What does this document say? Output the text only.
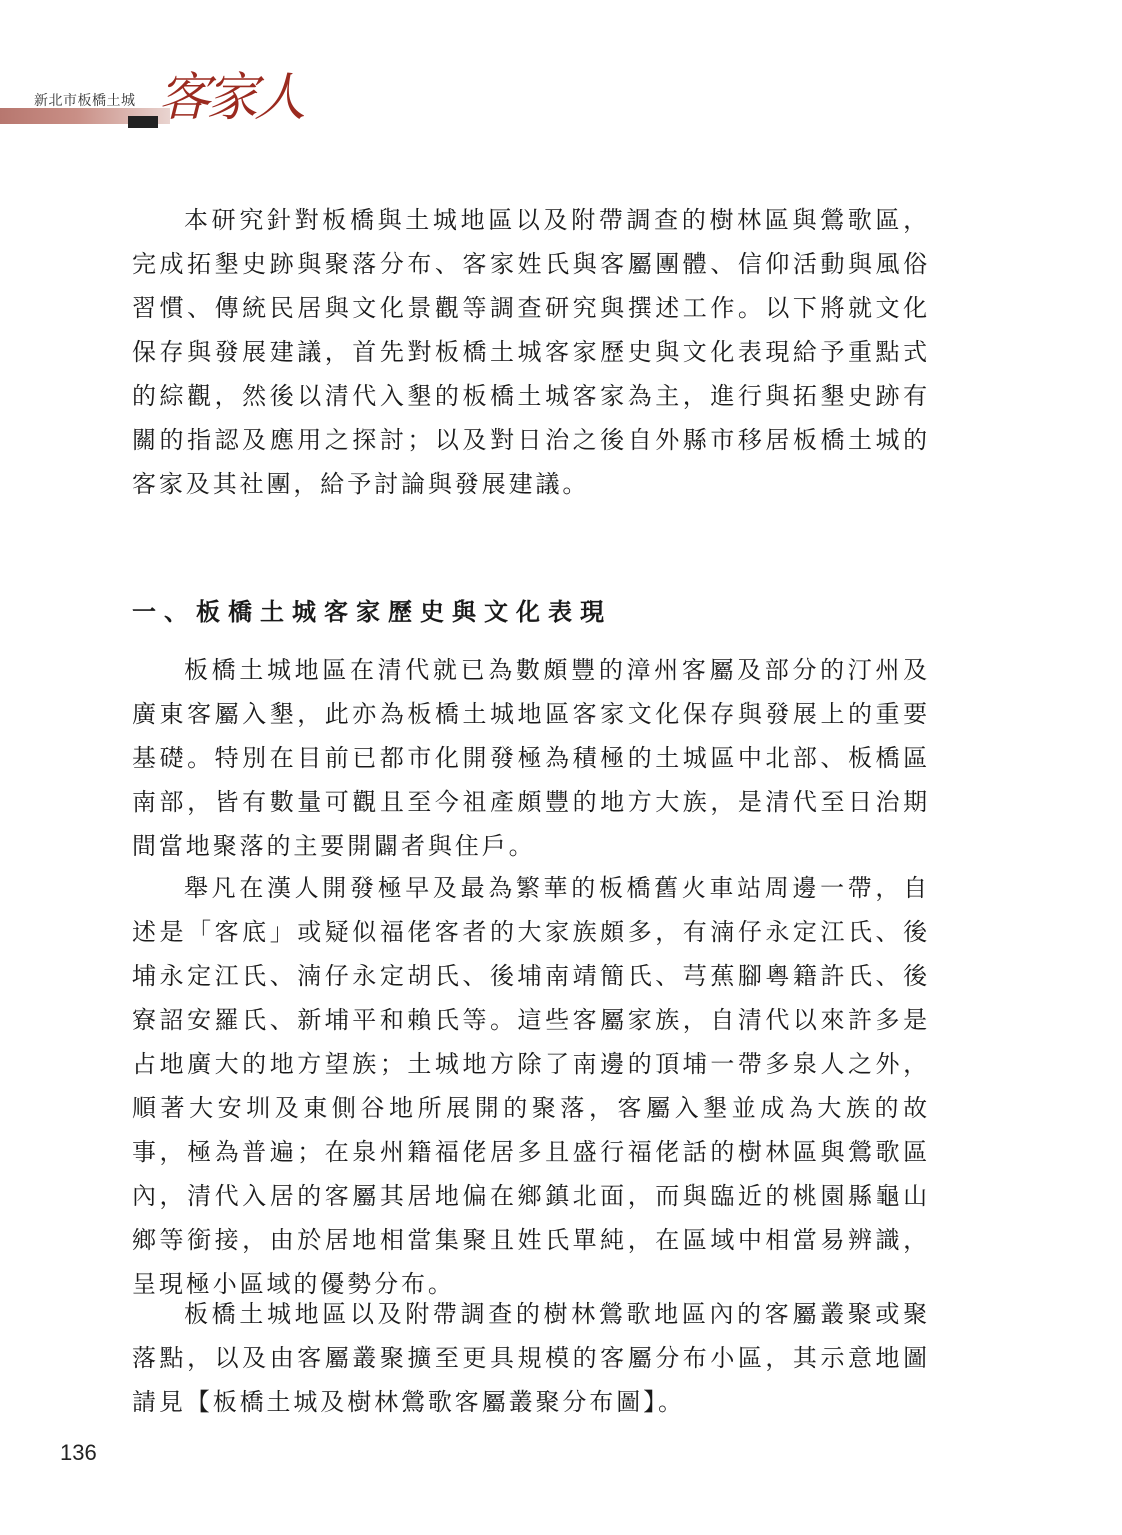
新北市板橋土城 客家人

本研究針對板橋與土城地區以及附帶調查的樹林區與鶯歌區，完成拓墾史跡與聚落分布、客家姓氏與客屬團體、信仰活動與風俗習慣、傳統民居與文化景觀等調查研究與撰述工作。以下將就文化保存與發展建議，首先對板橋土城客家歷史與文化表現給予重點式的綜觀，然後以清代入墾的板橋土城客家為主，進行與拓墾史跡有關的指認及應用之探討；以及對日治之後自外縣市移居板橋土城的客家及其社團，給予討論與發展建議。

一、板橋土城客家歷史與文化表現

板橋土城地區在清代就已為數頗豐的漳州客屬及部分的汀州及廣東客屬入墾，此亦為板橋土城地區客家文化保存與發展上的重要基礎。特別在目前已都市化開發極為積極的土城區中北部、板橋區南部，皆有數量可觀且至今祖產頗豐的地方大族，是清代至日治期間當地聚落的主要開闢者與住戶。

舉凡在漢人開發極早及最為繁華的板橋舊火車站周邊一帶，自述是「客底」或疑似福佬客者的大家族頗多，有湳仔永定江氏、後埔永定江氏、湳仔永定胡氏、後埔南靖簡氏、芎蕉腳粵籍許氏、後寮詔安羅氏、新埔平和賴氏等。這些客屬家族，自清代以來許多是占地廣大的地方望族；土城地方除了南邊的頂埔一帶多泉人之外，順著大安圳及東側谷地所展開的聚落，客屬入墾並成為大族的故事，極為普遍；在泉州籍福佬居多且盛行福佬話的樹林區與鶯歌區內，清代入居的客屬其居地偏在鄉鎮北面，而與臨近的桃園縣龜山鄉等銜接，由於居地相當集聚且姓氏單純，在區域中相當易辨識，呈現極小區域的優勢分布。

板橋土城地區以及附帶調查的樹林鶯歌地區內的客屬叢聚或聚落點，以及由客屬叢聚擴至更具規模的客屬分布小區，其示意地圖請見【板橋土城及樹林鶯歌客屬叢聚分布圖】。

136
